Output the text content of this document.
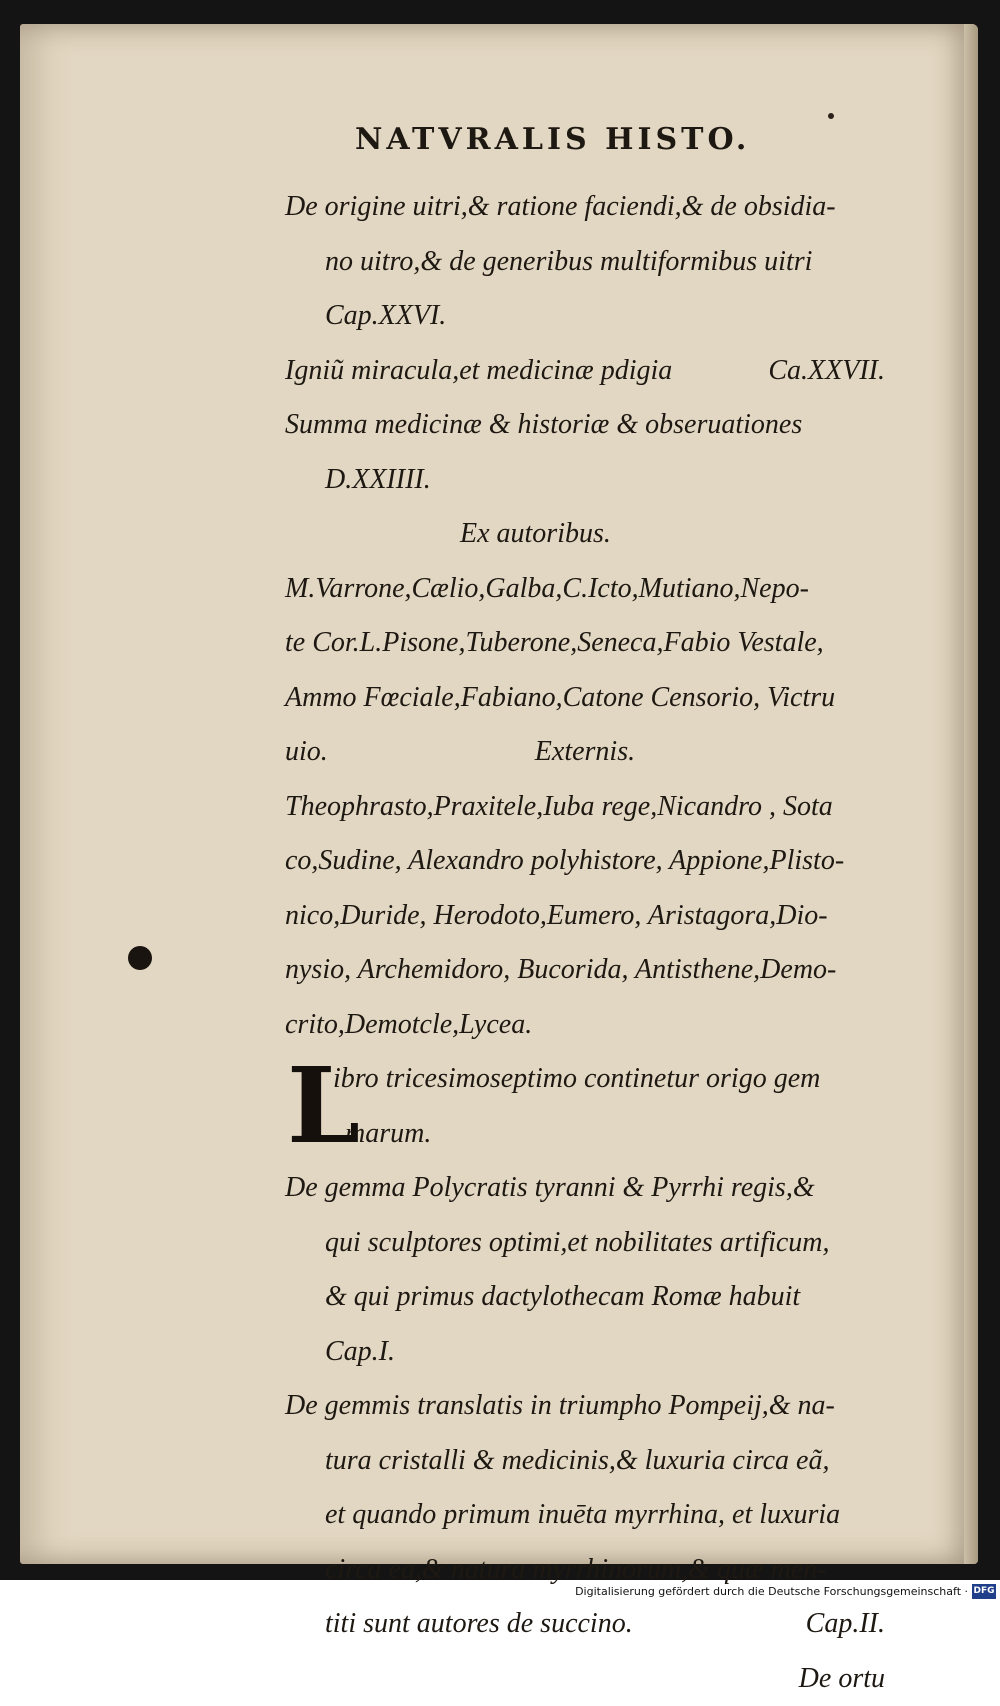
NATVRALIS HISTO.
De origine uitri,& ratione faciendi,& de obsidia-
no uitro,& de generibus multiformibus uitri
Cap.XXVI.
Igniũ miracula,et medicinæ pdigia	Ca.XXVII.
Summa medicinæ & historiæ & obseruationes
D.XXIIII.
Ex autoribus.
M.Varrone,Cælio,Galba,C.Icto,Mutiano,Nepo-
te Cor.L.Pisone,Tuberone,Seneca,Fabio Vestale,
Ammo Fœciale,Fabiano,Catone Censorio, Victru
uio.	Externis.
Theophrasto,Praxitele,Iuba rege,Nicandro , Sota
co,Sudine, Alexandro polyhistore, Appione,Plisto-
nico,Duride, Herodoto,Eumero, Aristagora,Dio-
nysio, Archemidoro, Bucorida, Antisthene,Demo-
crito,Demotcle,Lycea.
L
ibro tricesimoseptimo continetur origo gem
marum.
De gemma Polycratis tyranni & Pyrrhi regis,&
qui sculptores optimi,et nobilitates artificum,
& qui primus dactylothecam Romæ habuit
Cap.I.
De gemmis translatis in triumpho Pompeij,& na-
tura cristalli & medicinis,& luxuria circa eã,
et quando primum inuēta myrrhina, et luxuria
circa ea,& natura myrrhinorum,& quæ men-
titi sunt autores de succino.	Cap.II.
De ortu
Digitalisierung gefördert durch die Deutsche Forschungsgemeinschaft · DFG
